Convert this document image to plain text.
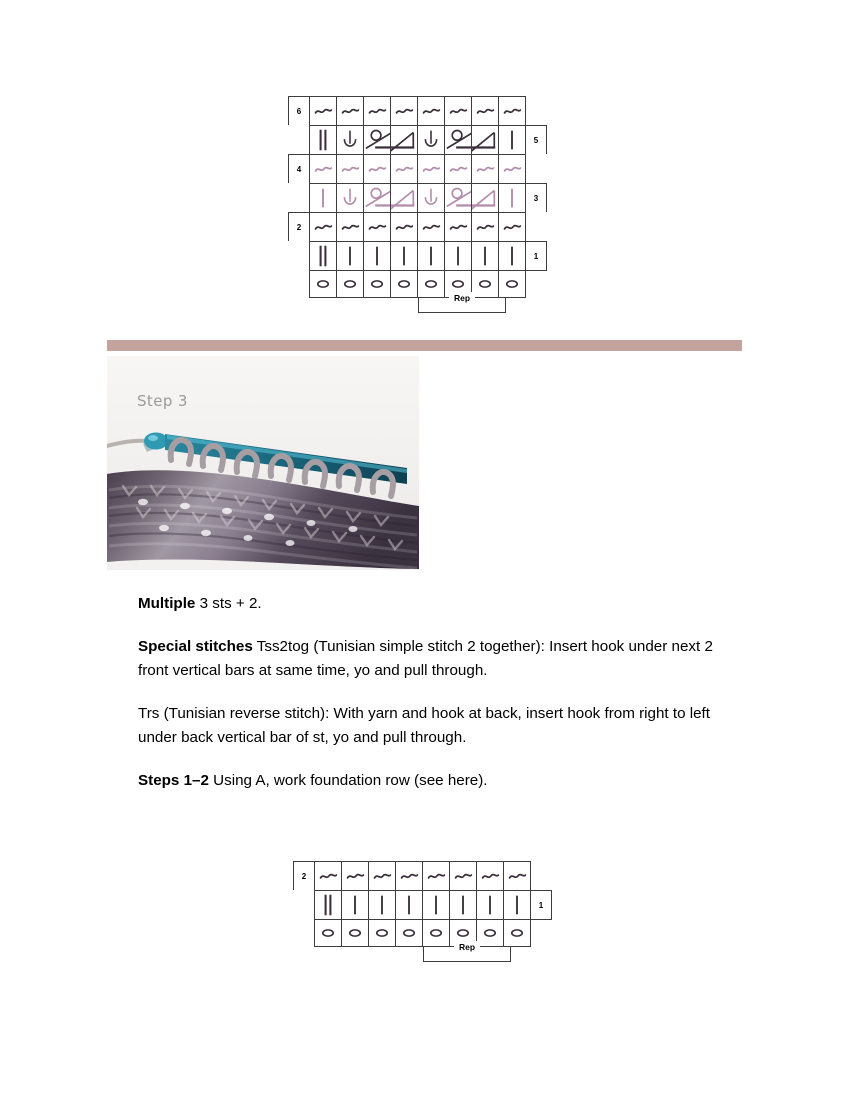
6
5
4
3
2
1
Rep
Step 3

Multiple 3 sts + 2.

Special stitches Tss2tog (Tunisian simple stitch 2 together): Insert hook under next 2 front vertical bars at same time, yo and pull through.

Trs (Tunisian reverse stitch): With yarn and hook at back, insert hook from right to left under back vertical bar of st, yo and pull through.

Steps 1–2 Using A, work foundation row (see here).

2
1
Rep
